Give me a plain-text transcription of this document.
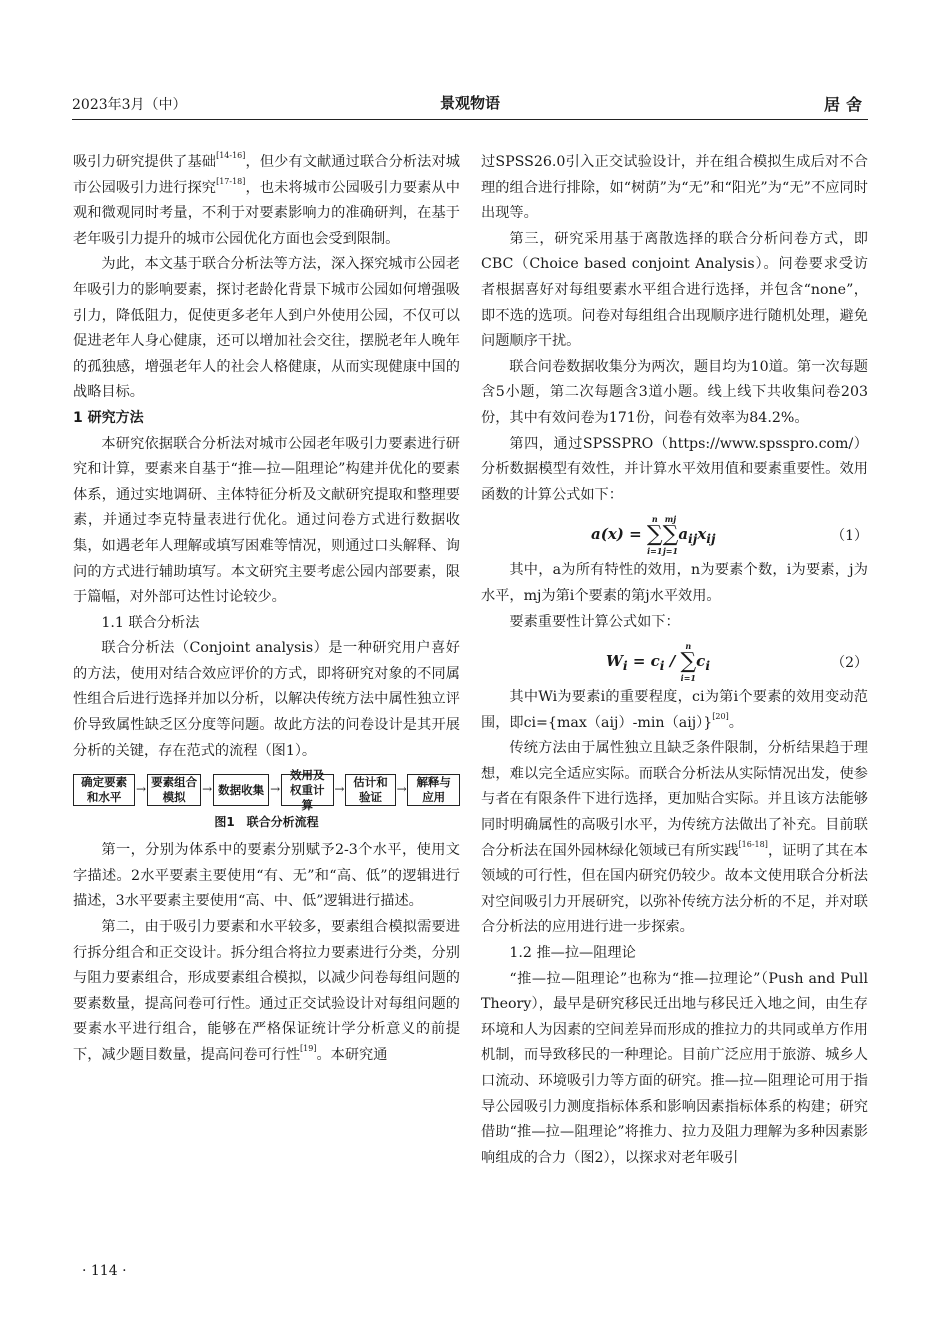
2023年3月（中）	景观物语	居舍

吸引力研究提供了基础[14-16]，但少有文献通过联合分析法对城市公园吸引力进行探究[17-18]，也未将城市公园吸引力要素从中观和微观同时考量，不利于对要素影响力的准确研判，在基于老年吸引力提升的城市公园优化方面也会受到限制。

为此，本文基于联合分析法等方法，深入探究城市公园老年吸引力的影响要素，探讨老龄化背景下城市公园如何增强吸引力，降低阻力，促使更多老年人到户外使用公园，不仅可以促进老年人身心健康，还可以增加社会交往，摆脱老年人晚年的孤独感，增强老年人的社会人格健康，从而实现健康中国的战略目标。

1 研究方法

本研究依据联合分析法对城市公园老年吸引力要素进行研究和计算，要素来自基于“推—拉—阻理论”构建并优化的要素体系，通过实地调研、主体特征分析及文献研究提取和整理要素，并通过李克特量表进行优化。通过问卷方式进行数据收集，如遇老年人理解或填写困难等情况，则通过口头解释、询问的方式进行辅助填写。本文研究主要考虑公园内部要素，限于篇幅，对外部可达性讨论较少。

1.1 联合分析法

联合分析法（Conjoint analysis）是一种研究用户喜好的方法，使用对结合效应评价的方式，即将研究对象的不同属性组合后进行选择并加以分析，以解决传统方法中属性独立评价导致属性缺乏区分度等问题。故此方法的问卷设计是其开展分析的关键，存在范式的流程（图1）。

确定要素和水平
→
要素组合模拟
→ 数据收集 →
效用及权重计算
→
估计和验证
→
解释与应用
图1　联合分析流程

第一，分别为体系中的要素分别赋予2-3个水平，使用文字描述。2水平要素主要使用“有、无”和“高、低”的逻辑进行描述，3水平要素主要使用“高、中、低”逻辑进行描述。

第二，由于吸引力要素和水平较多，要素组合模拟需要进行拆分组合和正交设计。拆分组合将拉力要素进行分类，分别与阻力要素组合，形成要素组合模拟，以减少问卷每组问题的要素数量，提高问卷可行性。通过正交试验设计对每组问题的要素水平进行组合，能够在严格保证统计学分析意义的前提下，减少题目数量，提高问卷可行性[19]。本研究通

过SPSS26.0引入正交试验设计，并在组合模拟生成后对不合理的组合进行排除，如“树荫”为“无”和“阳光”为“无”不应同时出现等。

第三，研究采用基于离散选择的联合分析问卷方式，即CBC（Choice based conjoint Analysis）。问卷要求受访者根据喜好对每组要素水平组合进行选择，并包含“none”，即不选的选项。问卷对每组组合出现顺序进行随机处理，避免问题顺序干扰。

联合问卷数据收集分为两次，题目均为10道。第一次每题含5小题，第二次每题含3道小题。线上线下共收集问卷203份，其中有效问卷为171份，问卷有效率为84.2%。

第四，通过SPSSPRO（https://www.spsspro.com/）分析数据模型有效性，并计算水平效用值和要素重要性。效用函数的计算公式如下：

a(x) =
n
∑
i=1
mj
∑
j=1
$a_{ij}x_{ij}$	（1）

其中，a为所有特性的效用，n为要素个数，i为要素，j为水平，mj为第i个要素的第j水平效用。

要素重要性计算公式如下：

$W_i = c_i$ /
n
∑
i=1
$c_i$	（2）

其中Wi为要素i的重要程度，ci为第i个要素的效用变动范围，即ci={max（aij）-min（aij）}[20]。

传统方法由于属性独立且缺乏条件限制，分析结果趋于理想，难以完全适应实际。而联合分析法从实际情况出发，使参与者在有限条件下进行选择，更加贴合实际。并且该方法能够同时明确属性的高吸引水平，为传统方法做出了补充。目前联合分析法在国外园林绿化领域已有所实践[16-18]，证明了其在本领域的可行性，但在国内研究仍较少。故本文使用联合分析法对空间吸引力开展研究，以弥补传统方法分析的不足，并对联合分析法的应用进行进一步探索。

1.2 推—拉—阻理论

“推—拉—阻理论”也称为“推—拉理论”（Push and Pull Theory），最早是研究移民迁出地与移民迁入地之间，由生存环境和人为因素的空间差异而形成的推拉力的共同或单方作用机制，而导致移民的一种理论。目前广泛应用于旅游、城乡人口流动、环境吸引力等方面的研究。推—拉—阻理论可用于指导公园吸引力测度指标体系和影响因素指标体系的构建；研究借助“推—拉—阻理论”将推力、拉力及阻力理解为多种因素影响组成的合力（图2），以探求对老年吸引

· 114 ·
